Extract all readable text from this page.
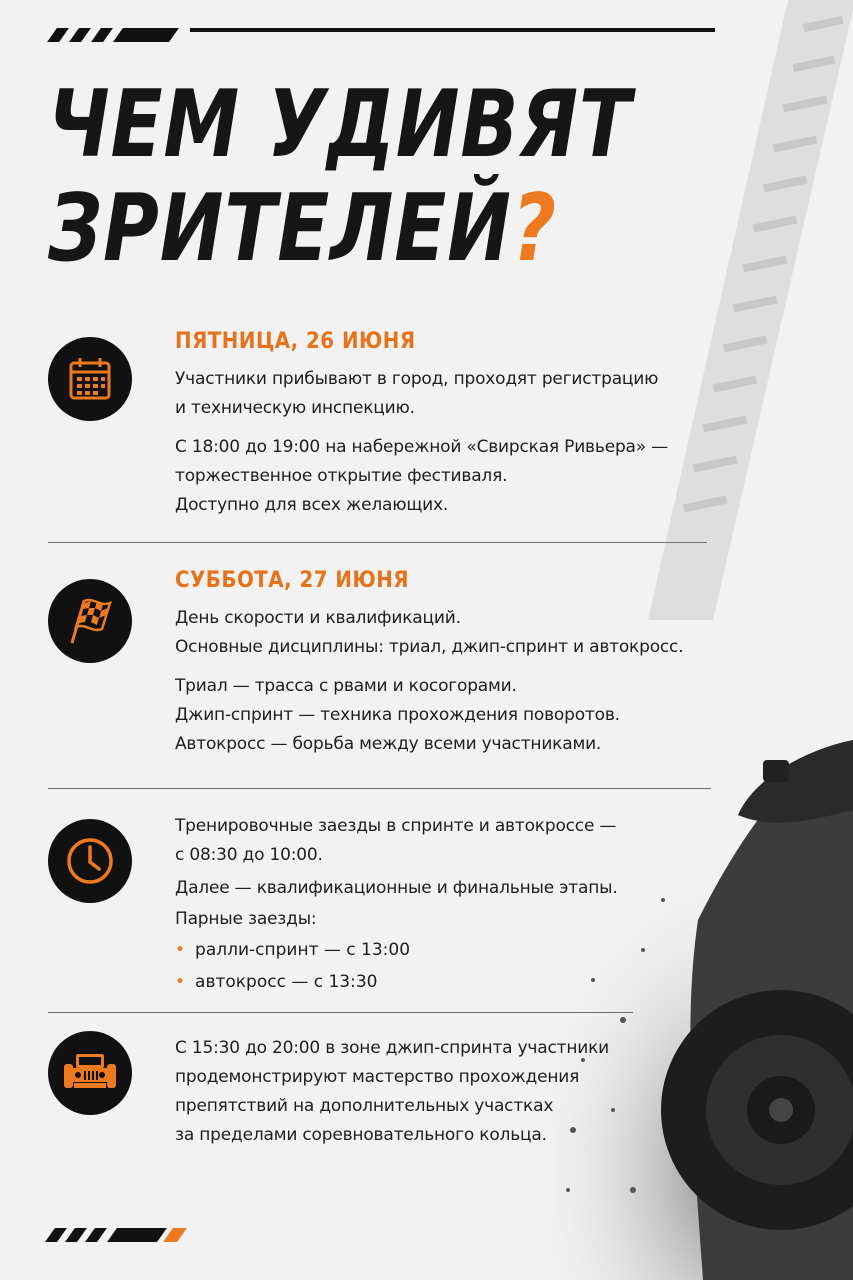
ЧЕМ УДИВЯТ
ЗРИТЕЛЕЙ?
ПЯТНИЦА, 26 ИЮНЯ

Участники прибывают в город, проходят регистрацию
и техническую инспекцию.

С 18:00 до 19:00 на набережной «Свирская Ривьера» —
торжественное открытие фестиваля.
Доступно для всех желающих.

СУББОТА, 27 ИЮНЯ

День скорости и квалификаций.
Основные дисциплины: триал, джип-спринт и автокросс.

Триал — трасса с рвами и косогорами.
Джип-спринт — техника прохождения поворотов.
Автокросс — борьба между всеми участниками.

Тренировочные заезды в спринте и автокроссе —
с 08:30 до 10:00.

Далее — квалификационные и финальные этапы.

Парные заезды:

• ралли-спринт — с 13:00

• автокросс — с 13:30

С 15:30 до 20:00 в зоне джип-спринта участники
продемонстрируют мастерство прохождения
препятствий на дополнительных участках
за пределами соревновательного кольца.
